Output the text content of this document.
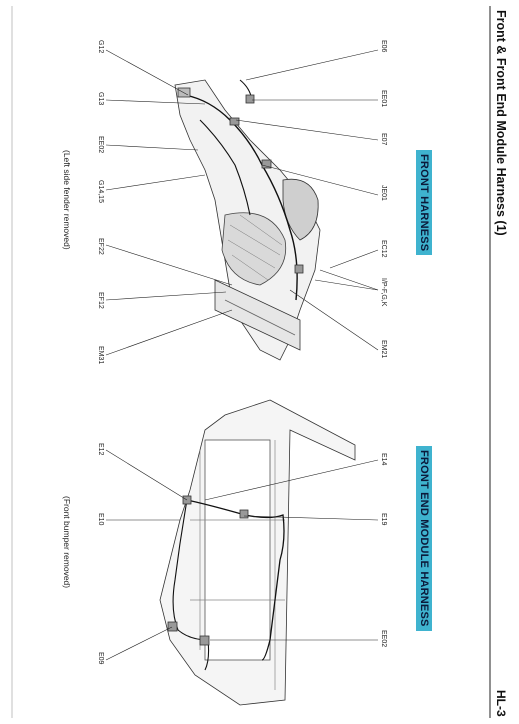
Front & Front End Module Harness (1)
HL-3
FRONT HARNESS
FRONT END MODULE HARNESS
E06
EE01
E07
JE01
EC12
I/P-F,G,K
EM21
G12
G13
EE02
G14,15
EF22
EF12
EM31
(Left side fender removed)
E14
E19
EE02
E12
E10
E09
(Front bumper removed)
